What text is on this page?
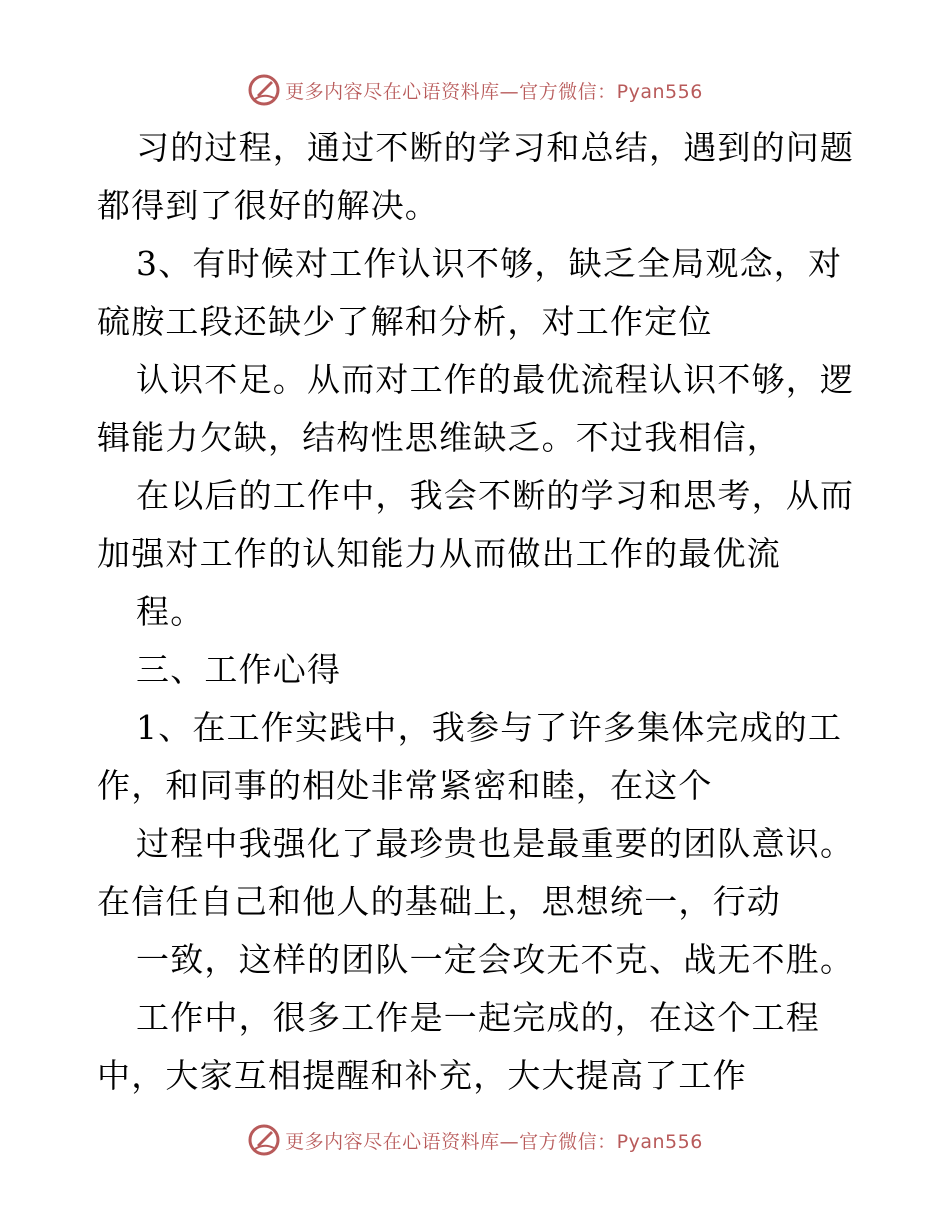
更多内容尽在心语资料库—官方微信：Pyan556
习的过程，通过不断的学习和总结，遇到的问题
都得到了很好的解决。
3、有时候对工作认识不够，缺乏全局观念，对
硫胺工段还缺少了解和分析，对工作定位
认识不足。从而对工作的最优流程认识不够，逻
辑能力欠缺，结构性思维缺乏。不过我相信，
在以后的工作中，我会不断的学习和思考，从而
加强对工作的认知能力从而做出工作的最优流
程。
三、工作心得
1、在工作实践中，我参与了许多集体完成的工
作，和同事的相处非常紧密和睦，在这个
过程中我强化了最珍贵也是最重要的团队意识。
在信任自己和他人的基础上，思想统一，行动
一致，这样的团队一定会攻无不克、战无不胜。
工作中，很多工作是一起完成的，在这个工程
中，大家互相提醒和补充，大大提高了工作
更多内容尽在心语资料库—官方微信：Pyan556
